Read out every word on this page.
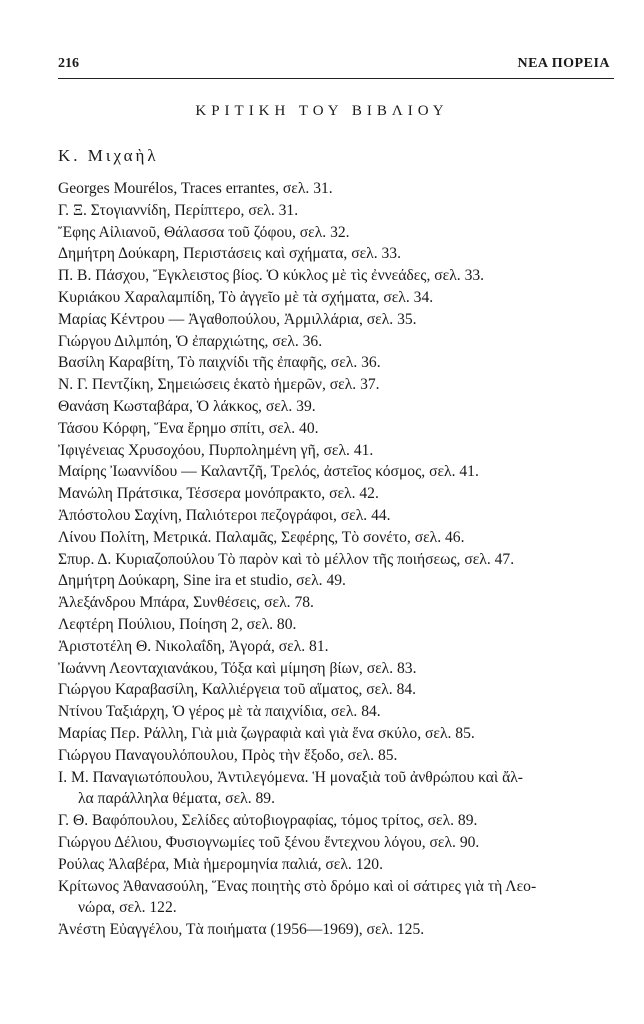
216	ΝΕΑ ΠΟΡΕΙΑ
ΚΡΙΤΙΚΗ ΤΟΥ ΒΙΒΛΙΟΥ
Κ. Μιχαὴλ
Georges Mourélos, Traces errantes, σελ. 31.
Γ. Ξ. Στογιαννίδη, Περίπτερο, σελ. 31.
Ἔφης Αἰλιανοῦ, Θάλασσα τοῦ ζόφου, σελ. 32.
Δημήτρη Δούκαρη, Περιστάσεις καὶ σχήματα, σελ. 33.
Π. Β. Πάσχου, Ἔγκλειστος βίος. Ὁ κύκλος μὲ τὶς ἐννεάδες, σελ. 33.
Κυριάκου Χαραλαμπίδη, Τὸ ἀγγεῖο μὲ τὰ σχήματα, σελ. 34.
Μαρίας Κέντρου — Ἀγαθοπούλου, Ἀρμιλλάρια, σελ. 35.
Γιώργου Διλμπόη, Ὁ ἐπαρχιώτης, σελ. 36.
Βασίλη Καραβίτη, Τὸ παιχνίδι τῆς ἐπαφῆς, σελ. 36.
Ν. Γ. Πεντζίκη, Σημειώσεις ἑκατὸ ἡμερῶν, σελ. 37.
Θανάση Κωσταβάρα, Ὁ λάκκος, σελ. 39.
Τάσου Κόρφη, Ἕνα ἔρημο σπίτι, σελ. 40.
Ἰφιγένειας Χρυσοχόου, Πυρπολημένη γῆ, σελ. 41.
Μαίρης Ἰωαννίδου — Καλαντζῆ, Τρελός, ἀστεῖος κόσμος, σελ. 41.
Μανώλη Πράτσικα, Τέσσερα μονόπρακτο, σελ. 42.
Ἀπόστολου Σαχίνη, Παλιότεροι πεζογράφοι, σελ. 44.
Λίνου Πολίτη, Μετρικά. Παλαμᾶς, Σεφέρης, Τὸ σονέτο, σελ. 46.
Σπυρ. Δ. Κυριαζοπούλου Τὸ παρὸν καὶ τὸ μέλλον τῆς ποιήσεως, σελ. 47.
Δημήτρη Δούκαρη, Sine ira et studio, σελ. 49.
Ἀλεξάνδρου Μπάρα, Συνθέσεις, σελ. 78.
Λεφτέρη Πούλιου, Ποίηση 2, σελ. 80.
Ἀριστοτέλη Θ. Νικολαΐδη, Ἀγορά, σελ. 81.
Ἰωάννη Λεονταχιανάκου, Τόξα καὶ μίμηση βίων, σελ. 83.
Γιώργου Καραβασίλη, Καλλιέργεια τοῦ αἵματος, σελ. 84.
Ντίνου Ταξιάρχη, Ὁ γέρος μὲ τὰ παιχνίδια, σελ. 84.
Μαρίας Περ. Ράλλη, Γιὰ μιὰ ζωγραφιὰ καὶ γιὰ ἕνα σκύλο, σελ. 85.
Γιώργου Παναγουλόπουλου, Πρὸς τὴν ἔξοδο, σελ. 85.
Ι. Μ. Παναγιωτόπουλου, Ἀντιλεγόμενα. Ἡ μοναξιὰ τοῦ ἀνθρώπου καὶ ἄλ-
λα παράλληλα θέματα, σελ. 89.
Γ. Θ. Βαφόπουλου, Σελίδες αὐτοβιογραφίας, τόμος τρίτος, σελ. 89.
Γιώργου Δέλιου, Φυσιογνωμίες τοῦ ξένου ἔντεχνου λόγου, σελ. 90.
Ρούλας Ἀλαβέρα, Μιὰ ἡμερομηνία παλιά, σελ. 120.
Κρίτωνος Ἀθανασούλη, Ἕνας ποιητὴς στὸ δρόμο καὶ οἱ σάτιρες γιὰ τὴ Λεο-
νώρα, σελ. 122.
Ἀνέστη Εὐαγγέλου, Τὰ ποιήματα (1956—1969), σελ. 125.
